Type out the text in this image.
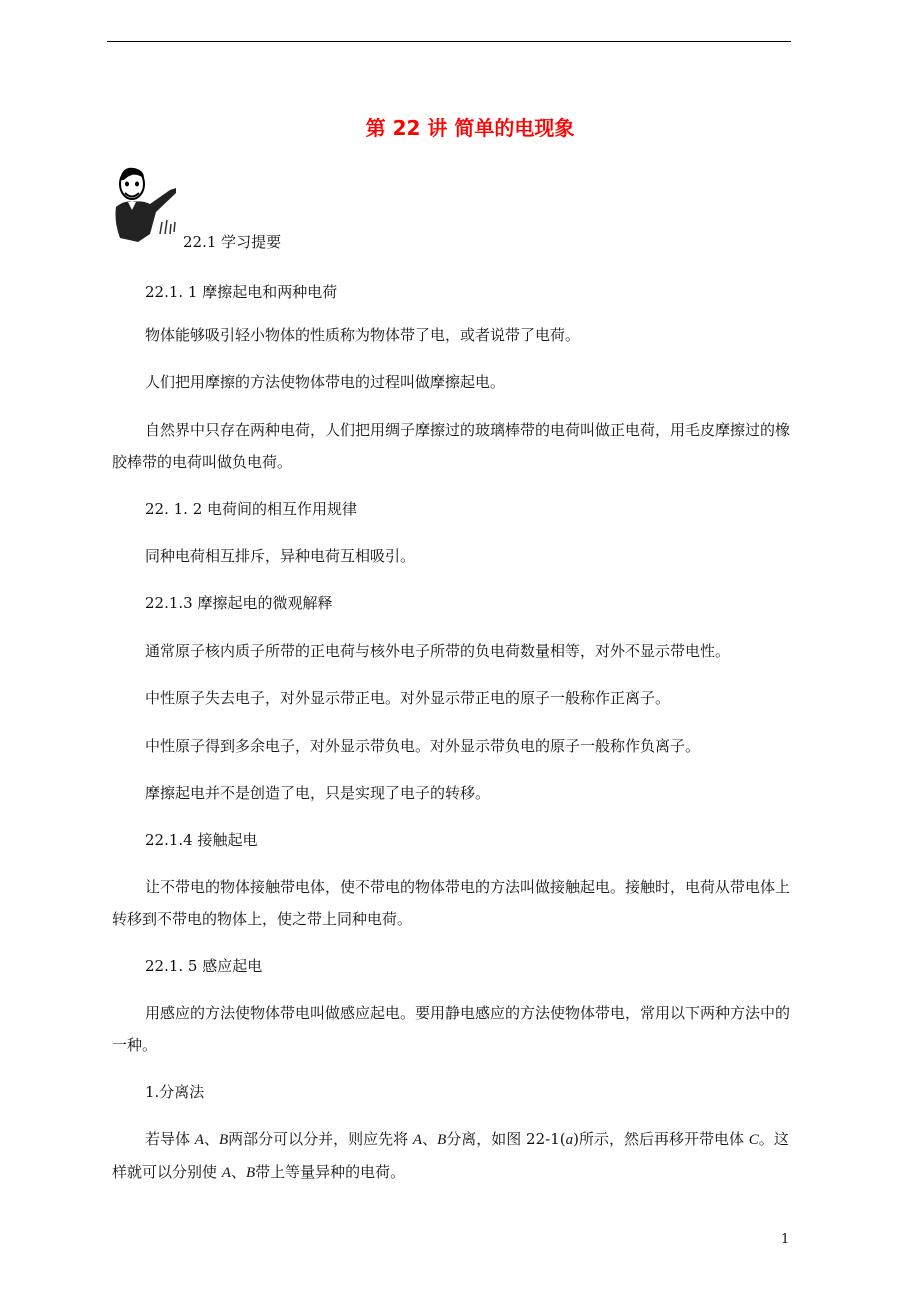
第 22 讲 简单的电现象
22.1 学习提要
22.1. 1 摩擦起电和两种电荷
物体能够吸引轻小物体的性质称为物体带了电，或者说带了电荷。
人们把用摩擦的方法使物体带电的过程叫做摩擦起电。
自然界中只存在两种电荷，人们把用绸子摩擦过的玻璃棒带的电荷叫做正电荷，用毛皮摩擦过的橡胶棒带的电荷叫做负电荷。
22. 1. 2 电荷间的相互作用规律
同种电荷相互排斥，异种电荷互相吸引。
22.1.3 摩擦起电的微观解释
通常原子核内质子所带的正电荷与核外电子所带的负电荷数量相等，对外不显示带电性。
中性原子失去电子，对外显示带正电。对外显示带正电的原子一般称作正离子。
中性原子得到多余电子，对外显示带负电。对外显示带负电的原子一般称作负离子。
摩擦起电并不是创造了电，只是实现了电子的转移。
22.1.4 接触起电
让不带电的物体接触带电体，使不带电的物体带电的方法叫做接触起电。接触时，电荷从带电体上转移到不带电的物体上，使之带上同种电荷。
22.1. 5 感应起电
用感应的方法使物体带电叫做感应起电。要用静电感应的方法使物体带电，常用以下两种方法中的一种。
1.分离法
若导体 A、B两部分可以分并，则应先将 A、B分离，如图 22-1(a)所示，然后再移开带电体 C。这样就可以分别使 A、B带上等量异种的电荷。
1
